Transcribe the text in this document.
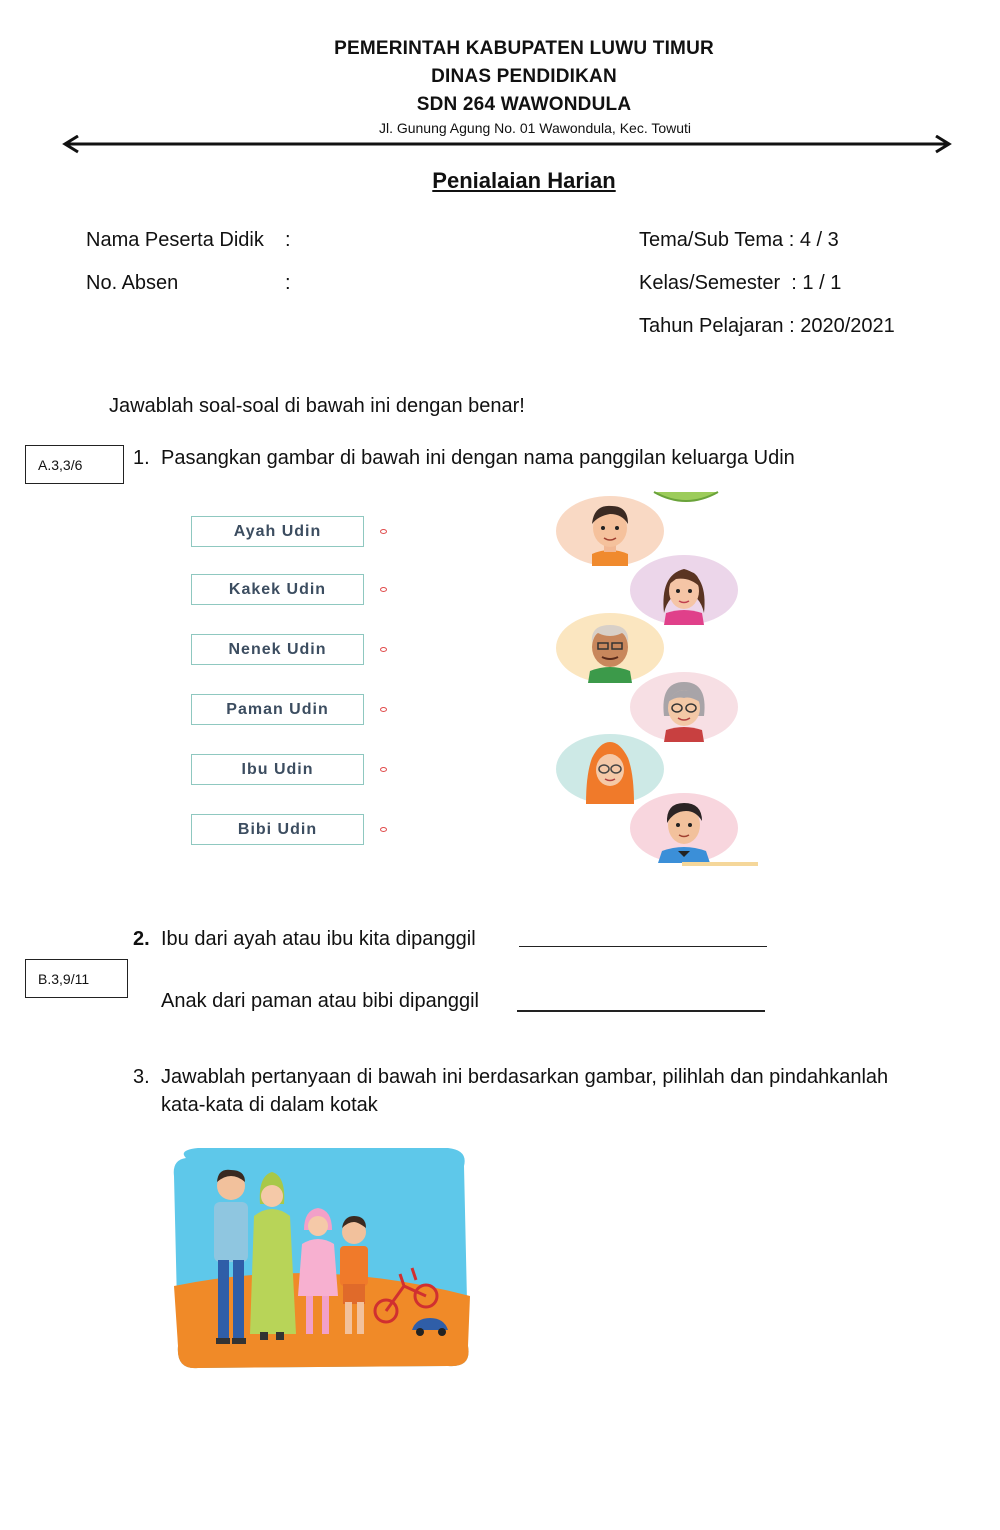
PEMERINTAH KABUPATEN LUWU TIMUR
DINAS PENDIDIKAN
SDN 264 WAWONDULA
Jl. Gunung Agung No. 01 Wawondula, Kec. Towuti
Penialaian Harian
Nama Peserta Didik :
No. Absen	:
Tema/Sub Tema : 4 / 3
Kelas/Semester  : 1 / 1
Tahun Pelajaran : 2020/2021
Jawablah soal-soal di bawah ini dengan benar!
A.3,3/6	1. Pasangkan gambar di bawah ini dengan nama panggilan keluarga Udin
Ayah Udin
Kakek Udin
Nenek Udin
Paman Udin
Ibu Udin
Bibi Udin
B.3,9/11
2. Ibu dari ayah atau ibu kita dipanggil
Anak dari paman atau bibi dipanggil
3. Jawablah pertanyaan di bawah ini berdasarkan gambar, pilihlah dan pindahkanlah
kata-kata di dalam kotak
